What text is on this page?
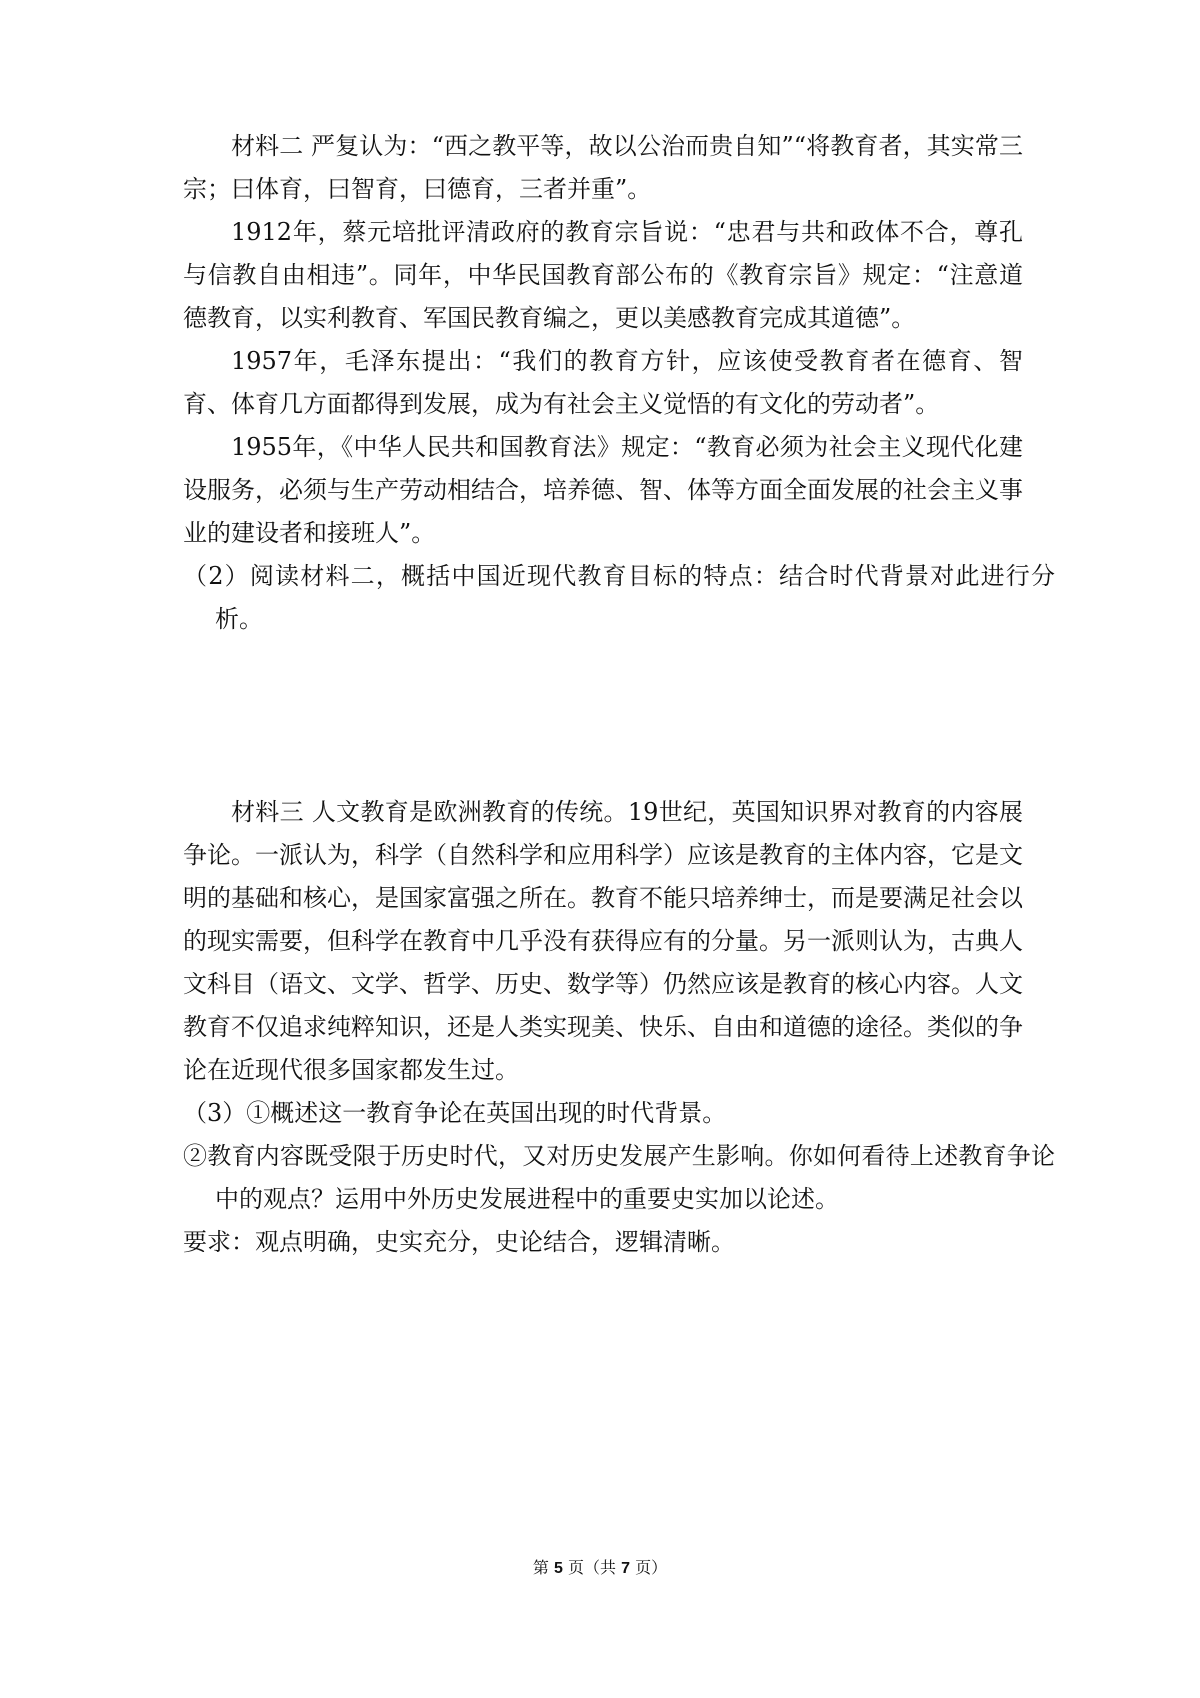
材料二 严复认为：“西之教平等，故以公治而贵自知”“将教育者，其实常三宗；曰体育，曰智育，曰德育，三者并重”。

1912年，蔡元培批评清政府的教育宗旨说：“忠君与共和政体不合，尊孔与信教自由相违”。同年，中华民国教育部公布的《教育宗旨》规定：“注意道德教育，以实利教育、军国民教育编之，更以美感教育完成其道德”。

1957年，毛泽东提出：“我们的教育方针，应该使受教育者在德育、智育、体育几方面都得到发展，成为有社会主义觉悟的有文化的劳动者”。

1955年，《中华人民共和国教育法》规定：“教育必须为社会主义现代化建设服务，必须与生产劳动相结合，培养德、智、体等方面全面发展的社会主义事业的建设者和接班人”。

（2）阅读材料二，概括中国近现代教育目标的特点：结合时代背景对此进行分析。

材料三 人文教育是欧洲教育的传统。19世纪，英国知识界对教育的内容展争论。一派认为，科学（自然科学和应用科学）应该是教育的主体内容，它是文明的基础和核心，是国家富强之所在。教育不能只培养绅士，而是要满足社会以的现实需要，但科学在教育中几乎没有获得应有的分量。另一派则认为，古典人文科目（语文、文学、哲学、历史、数学等）仍然应该是教育的核心内容。人文教育不仅追求纯粹知识，还是人类实现美、快乐、自由和道德的途径。类似的争论在近现代很多国家都发生过。

（3）①概述这一教育争论在英国出现的时代背景。

②教育内容既受限于历史时代，又对历史发展产生影响。你如何看待上述教育争论中的观点？运用中外历史发展进程中的重要史实加以论述。

要求：观点明确，史实充分，史论结合，逻辑清晰。

第 5 页（共 7 页）
